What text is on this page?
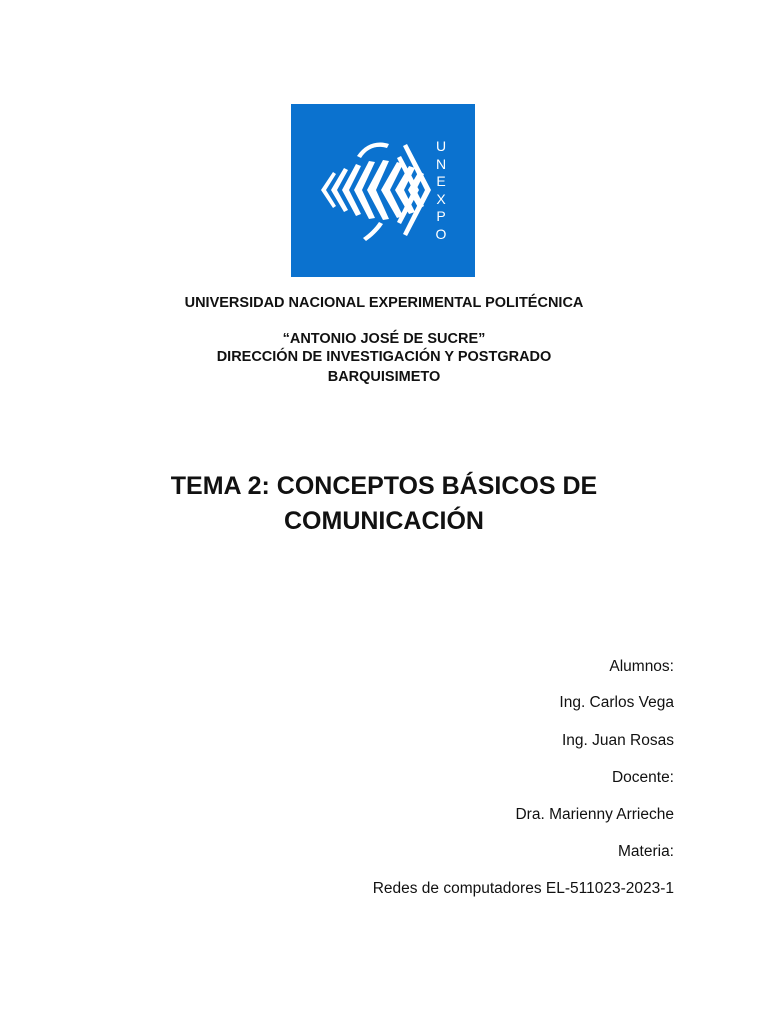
U
N
E
X
P
O
UNIVERSIDAD NACIONAL EXPERIMENTAL POLITÉCNICA
“ANTONIO JOSÉ DE SUCRE”
DIRECCIÓN DE INVESTIGACIÓN Y POSTGRADO
BARQUISIMETO
TEMA 2: CONCEPTOS BÁSICOS DE
COMUNICACIÓN
Alumnos:
Ing. Carlos Vega
Ing. Juan Rosas
Docente:
Dra. Marienny Arrieche
Materia:
Redes de computadores EL-511023-2023-1
